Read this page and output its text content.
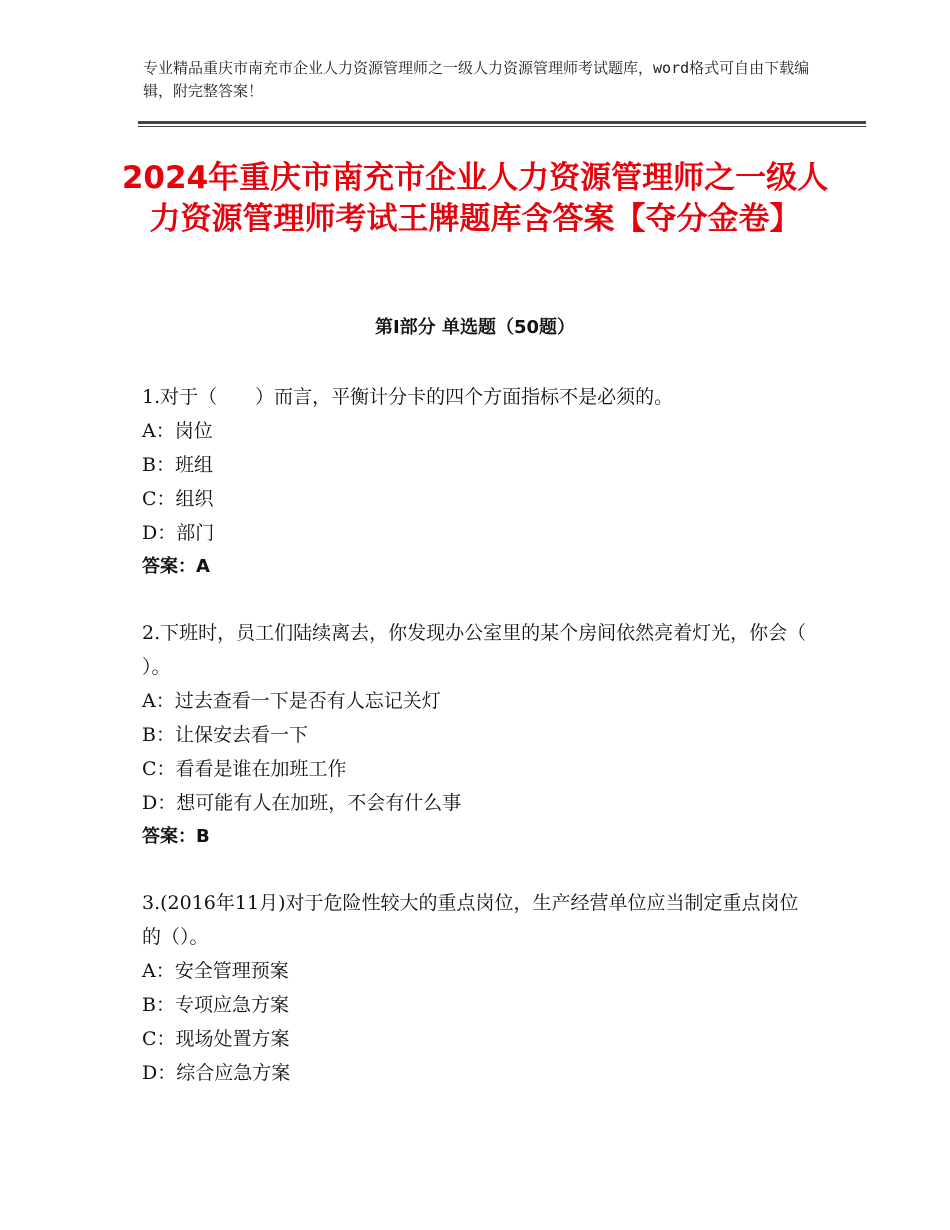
专业精品重庆市南充市企业人力资源管理师之一级人力资源管理师考试题库，word格式可自由下载编辑，附完整答案！
2024年重庆市南充市企业人力资源管理师之一级人力资源管理师考试王牌题库含答案【夺分金卷】
第Ⅰ部分 单选题（50题）
1.对于（　　）而言，平衡计分卡的四个方面指标不是必须的。
A：岗位
B：班组
C：组织
D：部门
答案：A
2.下班时，员工们陆续离去，你发现办公室里的某个房间依然亮着灯光，你会（ ）。
A：过去查看一下是否有人忘记关灯
B：让保安去看一下
C：看看是谁在加班工作
D：想可能有人在加班，不会有什么事
答案：B
3.(2016年11月)对于危险性较大的重点岗位，生产经营单位应当制定重点岗位的（）。
A：安全管理预案
B：专项应急方案
C：现场处置方案
D：综合应急方案
